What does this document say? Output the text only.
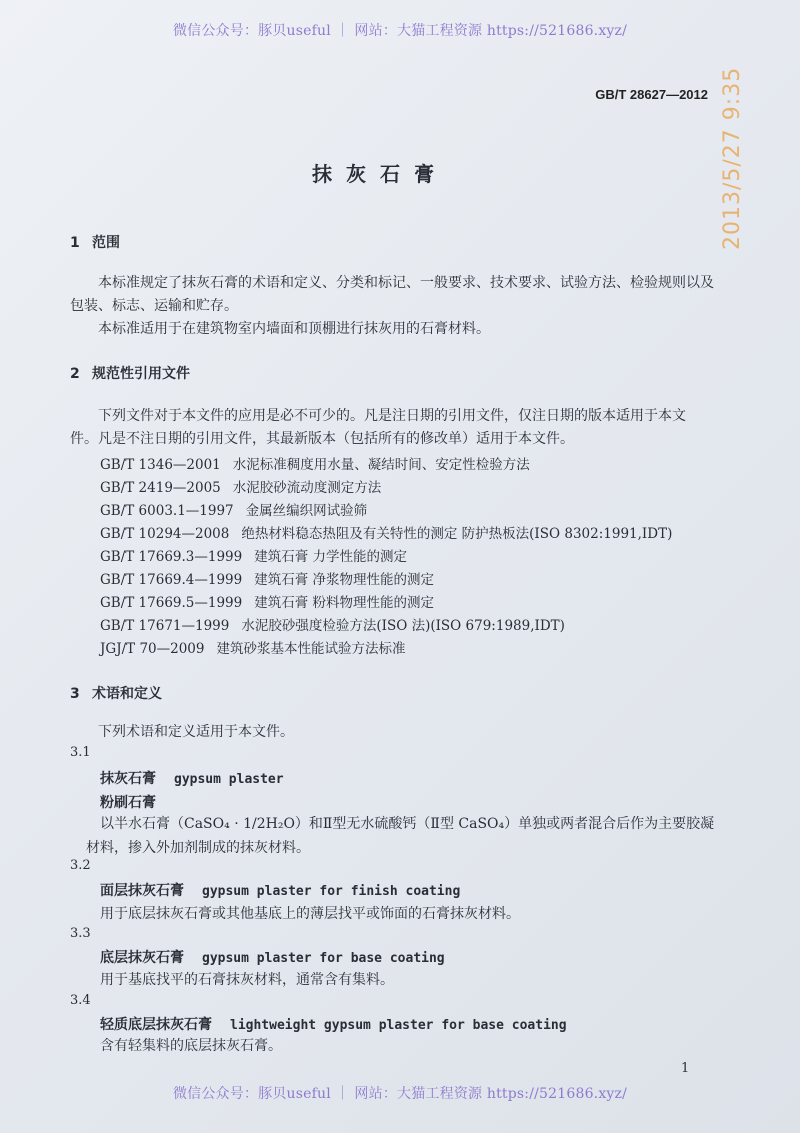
微信公众号：豚贝useful ｜ 网站：大猫工程资源 https://521686.xyz/
2013/5/27 9:35
GB/T 28627—2012
抹灰石膏
1 范围
本标准规定了抹灰石膏的术语和定义、分类和标记、一般要求、技术要求、试验方法、检验规则以及
包装、标志、运输和贮存。
本标准适用于在建筑物室内墙面和顶棚进行抹灰用的石膏材料。
2 规范性引用文件
下列文件对于本文件的应用是必不可少的。凡是注日期的引用文件，仅注日期的版本适用于本文
件。凡是不注日期的引用文件，其最新版本（包括所有的修改单）适用于本文件。
GB/T 1346—2001 水泥标准稠度用水量、凝结时间、安定性检验方法
GB/T 2419—2005 水泥胶砂流动度测定方法
GB/T 6003.1—1997 金属丝编织网试验筛
GB/T 10294—2008 绝热材料稳态热阻及有关特性的测定 防护热板法(ISO 8302:1991,IDT)
GB/T 17669.3—1999 建筑石膏 力学性能的测定
GB/T 17669.4—1999 建筑石膏 净浆物理性能的测定
GB/T 17669.5—1999 建筑石膏 粉料物理性能的测定
GB/T 17671—1999 水泥胶砂强度检验方法(ISO 法)(ISO 679:1989,IDT)
JGJ/T 70—2009 建筑砂浆基本性能试验方法标准
3 术语和定义
下列术语和定义适用于本文件。
3.1
抹灰石膏 gypsum plaster
粉刷石膏
以半水石膏（CaSO₄ · 1/2H₂O）和Ⅱ型无水硫酸钙（Ⅱ型 CaSO₄）单独或两者混合后作为主要胶凝
材料，掺入外加剂制成的抹灰材料。
3.2
面层抹灰石膏 gypsum plaster for finish coating
用于底层抹灰石膏或其他基底上的薄层找平或饰面的石膏抹灰材料。
3.3
底层抹灰石膏 gypsum plaster for base coating
用于基底找平的石膏抹灰材料，通常含有集料。
3.4
轻质底层抹灰石膏 lightweight gypsum plaster for base coating
含有轻集料的底层抹灰石膏。
1
微信公众号：豚贝useful ｜ 网站：大猫工程资源 https://521686.xyz/
